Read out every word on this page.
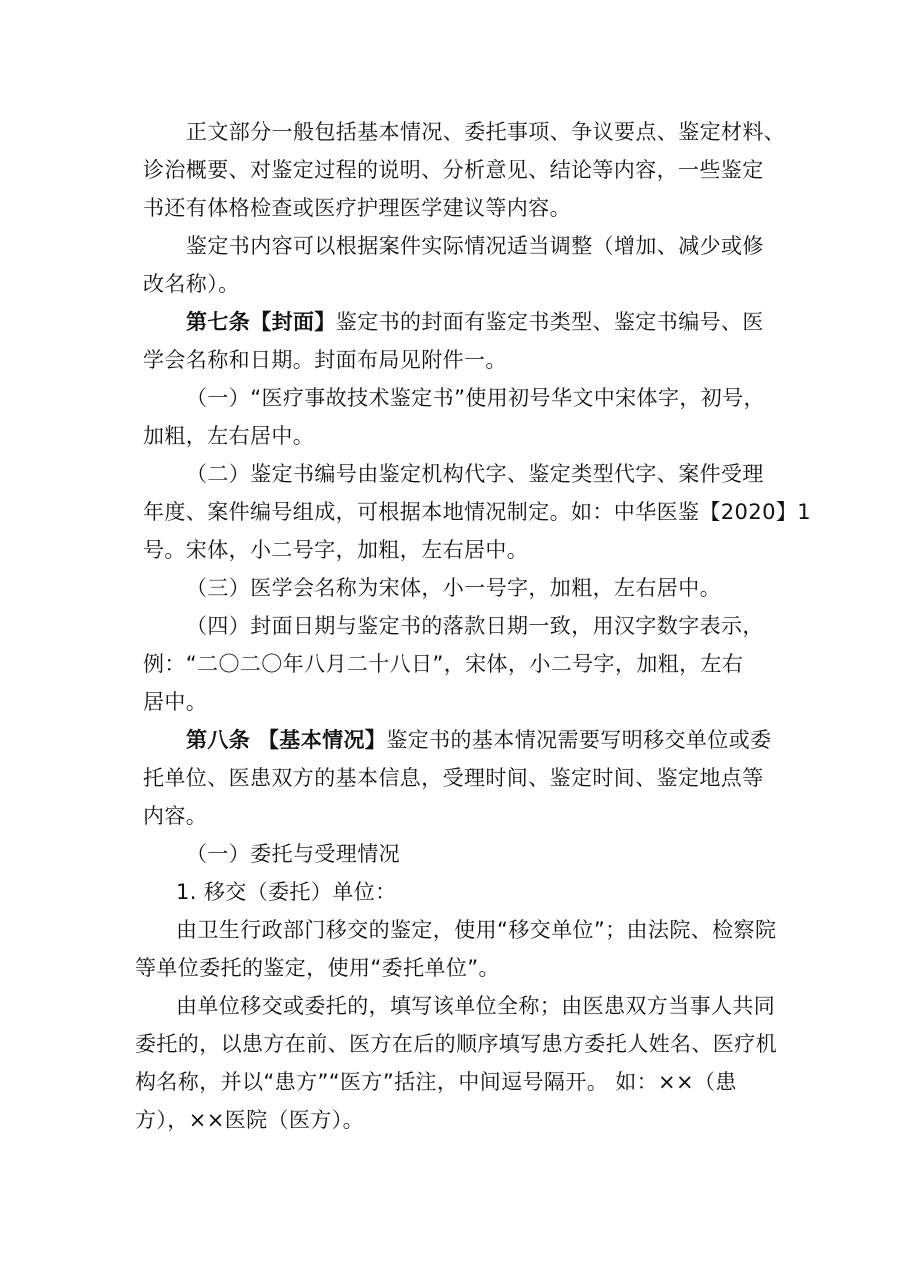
正文部分一般包括基本情况、委托事项、争议要点、鉴定材料、

诊治概要、对鉴定过程的说明、分析意见、结论等内容，一些鉴定

书还有体格检查或医疗护理医学建议等内容。

鉴定书内容可以根据案件实际情况适当调整（增加、减少或修

改名称）。

第七条【封面】鉴定书的封面有鉴定书类型、鉴定书编号、医

学会名称和日期。封面布局见附件一。

（一）“医疗事故技术鉴定书”使用初号华文中宋体字，初号，

加粗，左右居中。

（二）鉴定书编号由鉴定机构代字、鉴定类型代字、案件受理

年度、案件编号组成，可根据本地情况制定。如：中华医鉴【2020】1

号。宋体，小二号字，加粗，左右居中。

（三）医学会名称为宋体，小一号字，加粗，左右居中。

（四）封面日期与鉴定书的落款日期一致，用汉字数字表示，

例：“二〇二〇年八月二十八日”，宋体，小二号字，加粗，左右

居中。

第八条 【基本情况】鉴定书的基本情况需要写明移交单位或委

托单位、医患双方的基本信息，受理时间、鉴定时间、鉴定地点等

内容。

（一）委托与受理情况

1. 移交（委托）单位：

由卫生行政部门移交的鉴定，使用“移交单位”；由法院、检察院

等单位委托的鉴定，使用“委托单位”。

由单位移交或委托的，填写该单位全称；由医患双方当事人共同

委托的，以患方在前、医方在后的顺序填写患方委托人姓名、医疗机

构名称，并以“患方”“医方”括注，中间逗号隔开。 如：××（患

方），××医院（医方）。
